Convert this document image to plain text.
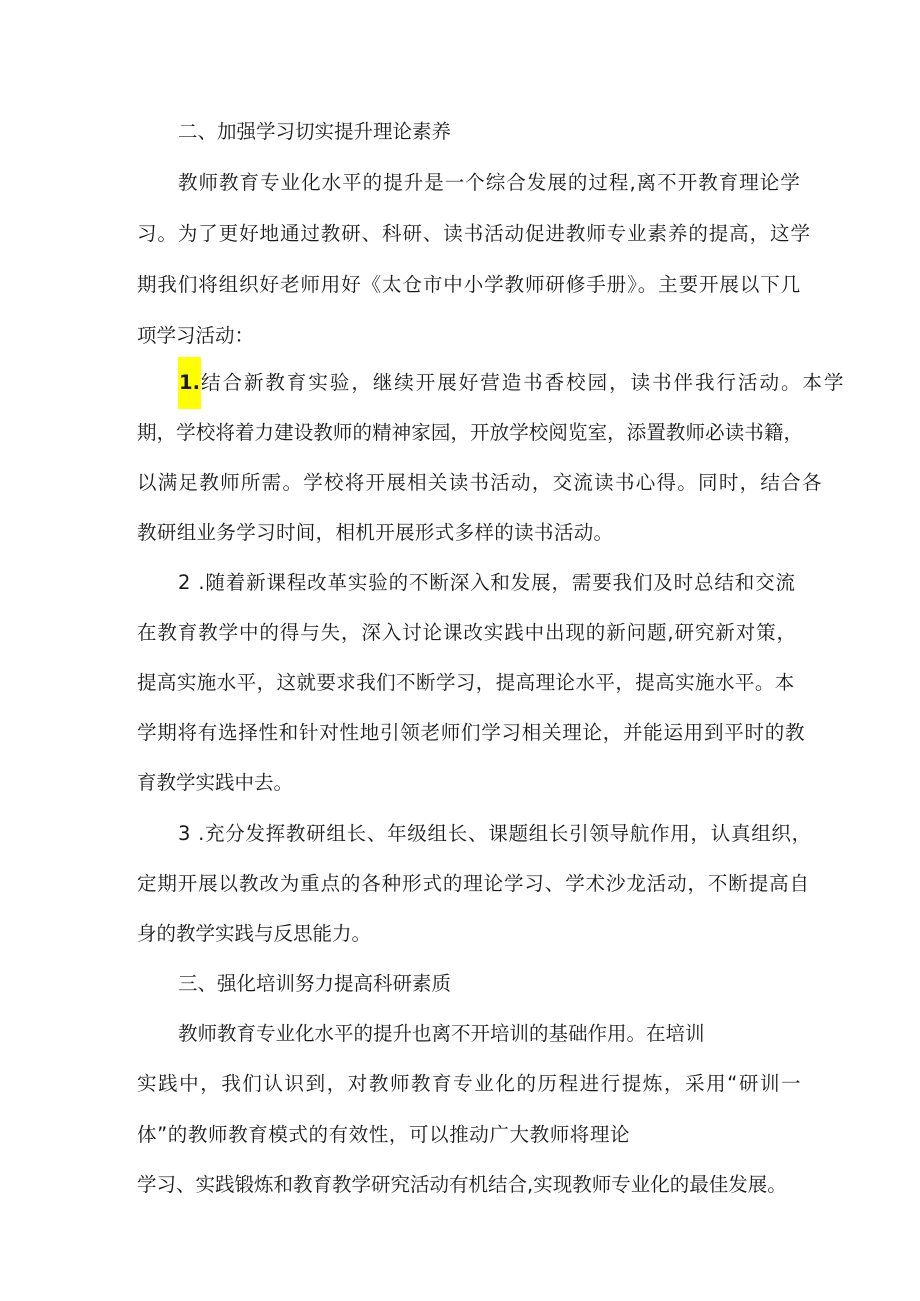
二、加强学习切实提升理论素养
教师教育专业化水平的提升是一个综合发展的过程,离不开教育理论学
习。为了更好地通过教研、科研、读书活动促进教师专业素养的提高，这学
期我们将组织好老师用好《太仓市中小学教师研修手册》。主要开展以下几
项学习活动：
1.结合新教育实验，继续开展好营造书香校园，读书伴我行活动。本学
期，学校将着力建设教师的精神家园，开放学校阅览室，添置教师必读书籍，
以满足教师所需。学校将开展相关读书活动，交流读书心得。同时，结合各
教研组业务学习时间，相机开展形式多样的读书活动。
2 .随着新课程改革实验的不断深入和发展，需要我们及时总结和交流
在教育教学中的得与失，深入讨论课改实践中出现的新问题,研究新对策，
提高实施水平，这就要求我们不断学习，提高理论水平，提高实施水平。本
学期将有选择性和针对性地引领老师们学习相关理论，并能运用到平时的教
育教学实践中去。
3 .充分发挥教研组长、年级组长、课题组长引领导航作用，认真组织，
定期开展以教改为重点的各种形式的理论学习、学术沙龙活动，不断提高自
身的教学实践与反思能力。
三、强化培训努力提高科研素质
教师教育专业化水平的提升也离不开培训的基础作用。在培训
实践中，我们认识到，对教师教育专业化的历程进行提炼，采用“研训一
体”的教师教育模式的有效性，可以推动广大教师将理论
学习、实践锻炼和教育教学研究活动有机结合,实现教师专业化的最佳发展。
